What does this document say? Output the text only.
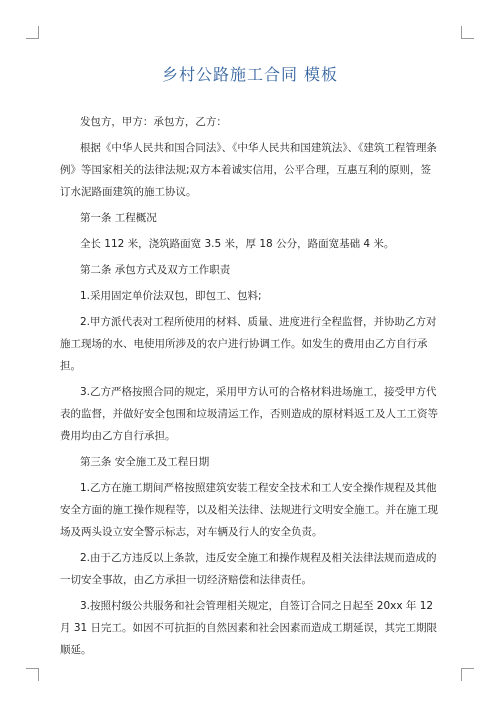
乡村公路施工合同 模板

发包方，甲方：承包方，乙方：

根据《中华人民共和国合同法》、《中华人民共和国建筑法》、《建筑工程管理条例》等国家相关的法律法规;双方本着诚实信用，公平合理，互惠互利的原则，签订水泥路面建筑的施工协议。

第一条 工程概况

全长 112 米，浇筑路面宽 3.5 米，厚 18 公分，路面宽基础 4 米。

第二条 承包方式及双方工作职责

1.采用固定单价法双包，即包工、包料;

2.甲方派代表对工程所使用的材料、质量、进度进行全程监督，并协助乙方对施工现场的水、电使用所涉及的农户进行协调工作。如发生的费用由乙方自行承担。

3.乙方严格按照合同的规定，采用甲方认可的合格材料进场施工，接受甲方代表的监督，并做好安全包围和垃圾清运工作，否则造成的原材料返工及人工工资等费用均由乙方自行承担。

第三条 安全施工及工程日期

1.乙方在施工期间严格按照建筑安装工程安全技术和工人安全操作规程及其他安全方面的施工操作规程等，以及相关法律、法规进行文明安全施工。并在施工现场及两头设立安全警示标志，对车辆及行人的安全负责。

2.由于乙方违反以上条款，违反安全施工和操作规程及相关法律法规而造成的一切安全事故，由乙方承担一切经济赔偿和法律责任。

3.按照村级公共服务和社会管理相关规定，自签订合同之日起至 20xx 年 12 月 31 日完工。如因不可抗拒的自然因素和社会因素而造成工期延误，其完工期限顺延。
